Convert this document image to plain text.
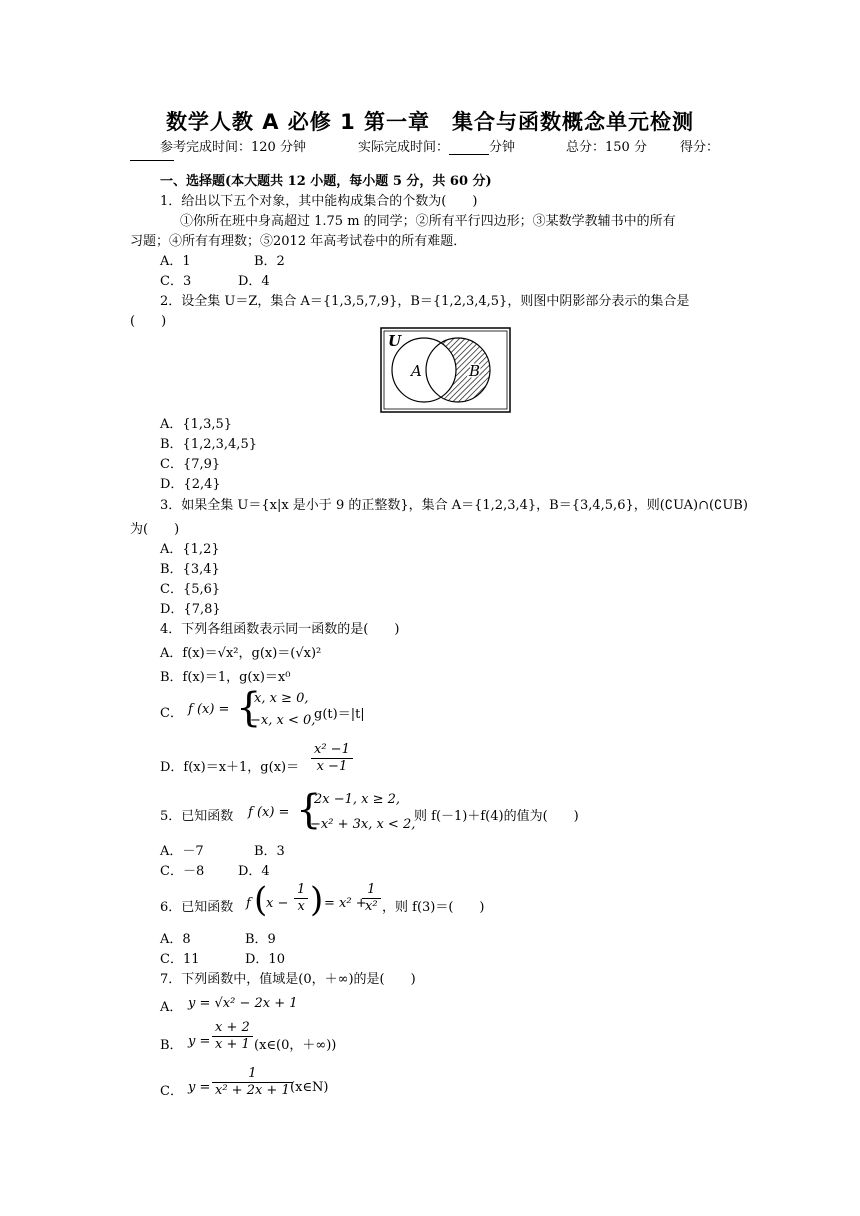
数学人教 A 必修 1 第一章　集合与函数概念单元检测
参考完成时间：120 分钟	实际完成时间：	分钟	总分：150 分	得分：
一、选择题(本大题共 12 小题，每小题 5 分，共 60 分)
1．给出以下五个对象，其中能构成集合的个数为(　　)
①你所在班中身高超过 1.75 m 的同学；②所有平行四边形；③某数学教辅书中的所有
习题；④所有有理数；⑤2012 年高考试卷中的所有难题．
A．1	B．2
C．3	D．4
2．设全集 U＝Z，集合 A＝{1,3,5,7,9}，B＝{1,2,3,4,5}，则图中阴影部分表示的集合是
(　　)
U
A	B
A．{1,3,5}
B．{1,2,3,4,5}
C．{7,9}
D．{2,4}
3．如果全集 U＝{x|x 是小于 9 的正整数}，集合 A＝{1,2,3,4}，B＝{3,4,5,6}，则(∁UA)∩(∁UB)
为(　　)
A．{1,2}
B．{3,4}
C．{5,6}
D．{7,8}
4．下列各组函数表示同一函数的是(　　)
A．f(x)＝√x²，g(x)＝(√x)²
B．f(x)＝1，g(x)＝x⁰
C． f (x) = {
x, x ≥ 0,
−x, x < 0,
g(t)＝|t|
D．f(x)＝x＋1，$g(x)= \frac{\text{x² −1}}{x -1}$
5．已知函数 f (x) = {
2x −1, x ≥ 2,
−x² + 3x, x < 2,
则 f(－1)＋f(4)的值为(　　)
A．－7	B．3
C．－8	D．4
6．已知函数 f (
$x - \frac{1}{x}$ ) = x² +
$\frac{1}{\text{x²}}$ ，则 f(3)＝(　　)
A．8	B．9
C．11	D．10
7．下列函数中，值域是(0，＋∞)的是(　　)
A． y = √x² − 2x + 1
B． $y = \frac{x + 2}{x + 1}$ (x∈(0，＋∞))
C． $y = \frac{1}{\text{x² + 2x + 1}}$
(x∈N)
